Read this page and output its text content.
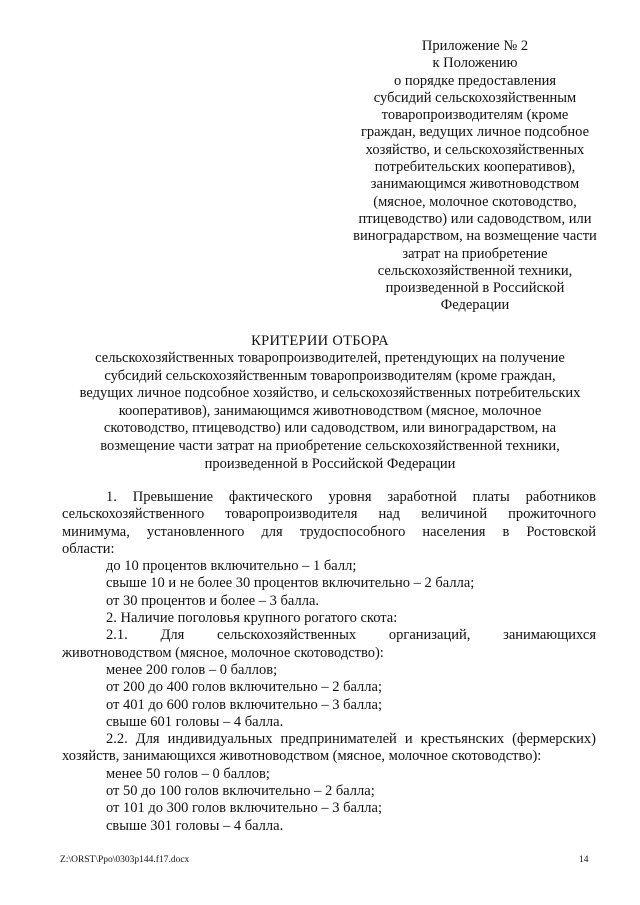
Приложение № 2
к Положению
о порядке предоставления
субсидий сельскохозяйственным
товаропроизводителям (кроме
граждан, ведущих личное подсобное
хозяйство, и сельскохозяйственных
потребительских кооперативов),
занимающимся животноводством
(мясное, молочное скотоводство,
птицеводство) или садоводством, или
виноградарством, на возмещение части
затрат на приобретение
сельскохозяйственной техники,
произведенной в Российской
Федерации
КРИТЕРИИ ОТБОРА
сельскохозяйственных товаропроизводителей, претендующих на получение
субсидий сельскохозяйственным товаропроизводителям (кроме граждан,
ведущих личное подсобное хозяйство, и сельскохозяйственных потребительских
кооперативов), занимающимся животноводством (мясное, молочное
скотоводство, птицеводство) или садоводством, или виноградарством, на
возмещение части затрат на приобретение сельскохозяйственной техники,
произведенной в Российской Федерации
1. Превышение фактического уровня заработной платы работников
сельскохозяйственного товаропроизводителя над величиной прожиточного
минимума, установленного для трудоспособного населения в Ростовской
области:
до 10 процентов включительно – 1 балл;
свыше 10 и не более 30 процентов включительно – 2 балла;
от 30 процентов и более – 3 балла.
2. Наличие поголовья крупного рогатого скота:
2.1. Для сельскохозяйственных организаций, занимающихся
животноводством (мясное, молочное скотоводство):
менее 200 голов – 0 баллов;
от 200 до 400 голов включительно – 2 балла;
от 401 до 600 голов включительно – 3 балла;
свыше 601 головы – 4 балла.
2.2. Для индивидуальных предпринимателей и крестьянских (фермерских)
хозяйств, занимающихся животноводством (мясное, молочное скотоводство):
менее 50 голов – 0 баллов;
от 50 до 100 голов включительно – 2 балла;
от 101 до 300 голов включительно – 3 балла;
свыше 301 головы – 4 балла.
Z:\ORST\Ppo\0303p144.f17.docx	14
